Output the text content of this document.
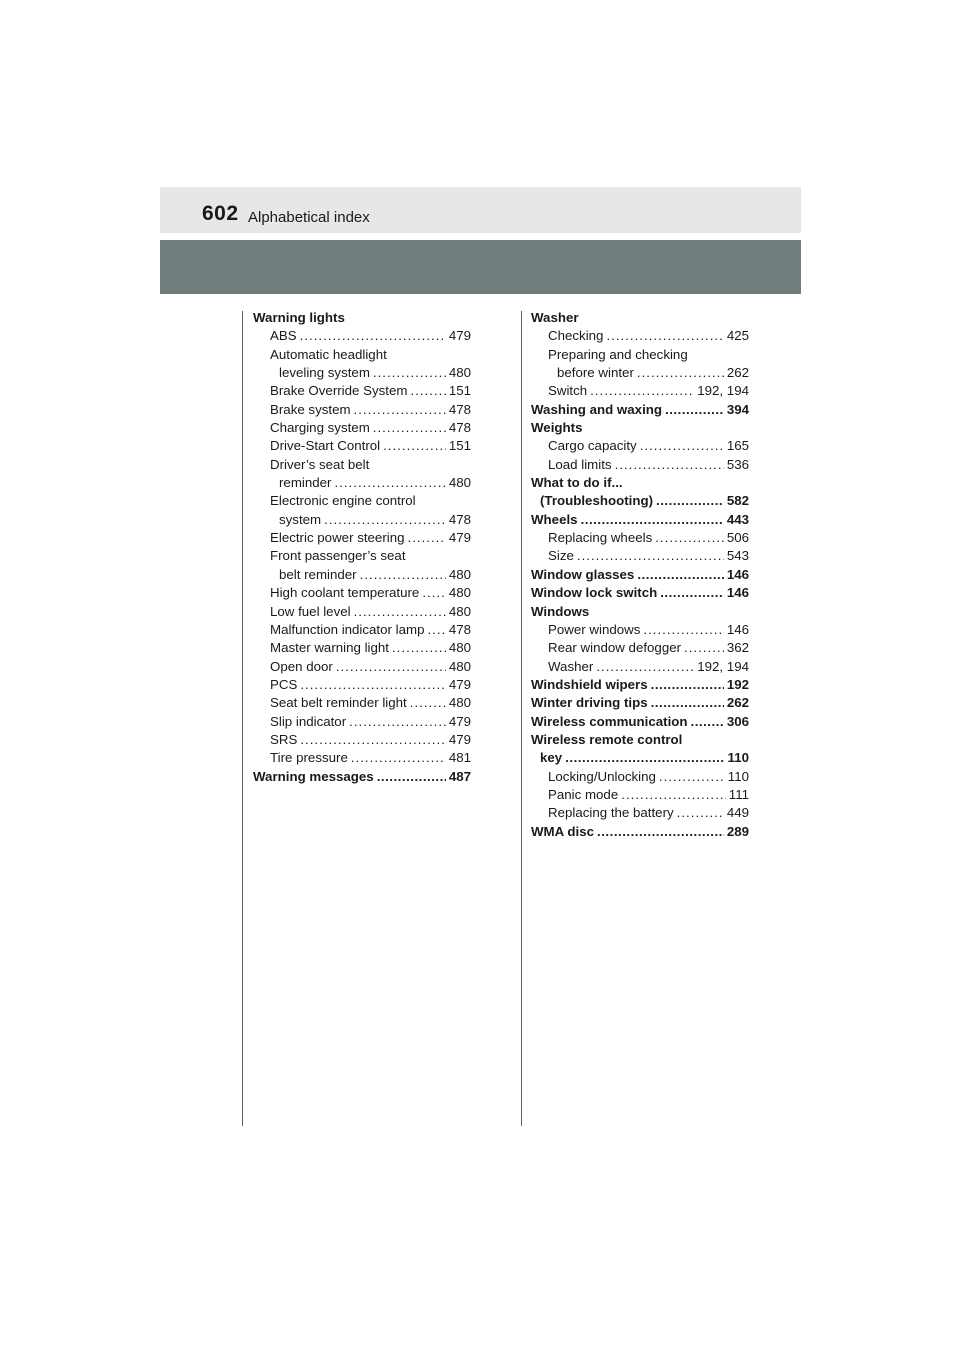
602 Alphabetical index
Warning lights
ABS .....	479
Automatic headlight
leveling system .....	480
Brake Override System .....	151
Brake system .....	478
Charging system .....	478
Drive-Start Control .....	151
Driver’s seat belt
reminder .....	480
Electronic engine control
system .....	478
Electric power steering .....	479
Front passenger’s seat
belt reminder .....	480
High coolant temperature ..... 480
Low fuel level .....	480
Malfunction indicator lamp ..... 478
Master warning light .....	480
Open door .....	480
PCS .....	479
Seat belt reminder light .....	480
Slip indicator .....	479
SRS .....	479
Tire pressure .....	481
Warning messages .....	487
Washer
Checking .....	425
Preparing and checking
before winter .....	262
Switch .....	192, 194
Washing and waxing .....	394
Weights
Cargo capacity .....	165
Load limits .....	536
What to do if...
(Troubleshooting) .....	582
Wheels .....	443
Replacing wheels .....	506
Size .....	543
Window glasses .....	146
Window lock switch .....	146
Windows
Power windows .....	146
Rear window defogger .....	362
Washer .....	192, 194
Windshield wipers .....	192
Winter driving tips .....	262
Wireless communication .....	306
Wireless remote control
key .....	110
Locking/Unlocking .....	110
Panic mode .....	111
Replacing the battery .....	449
WMA disc .....	289
